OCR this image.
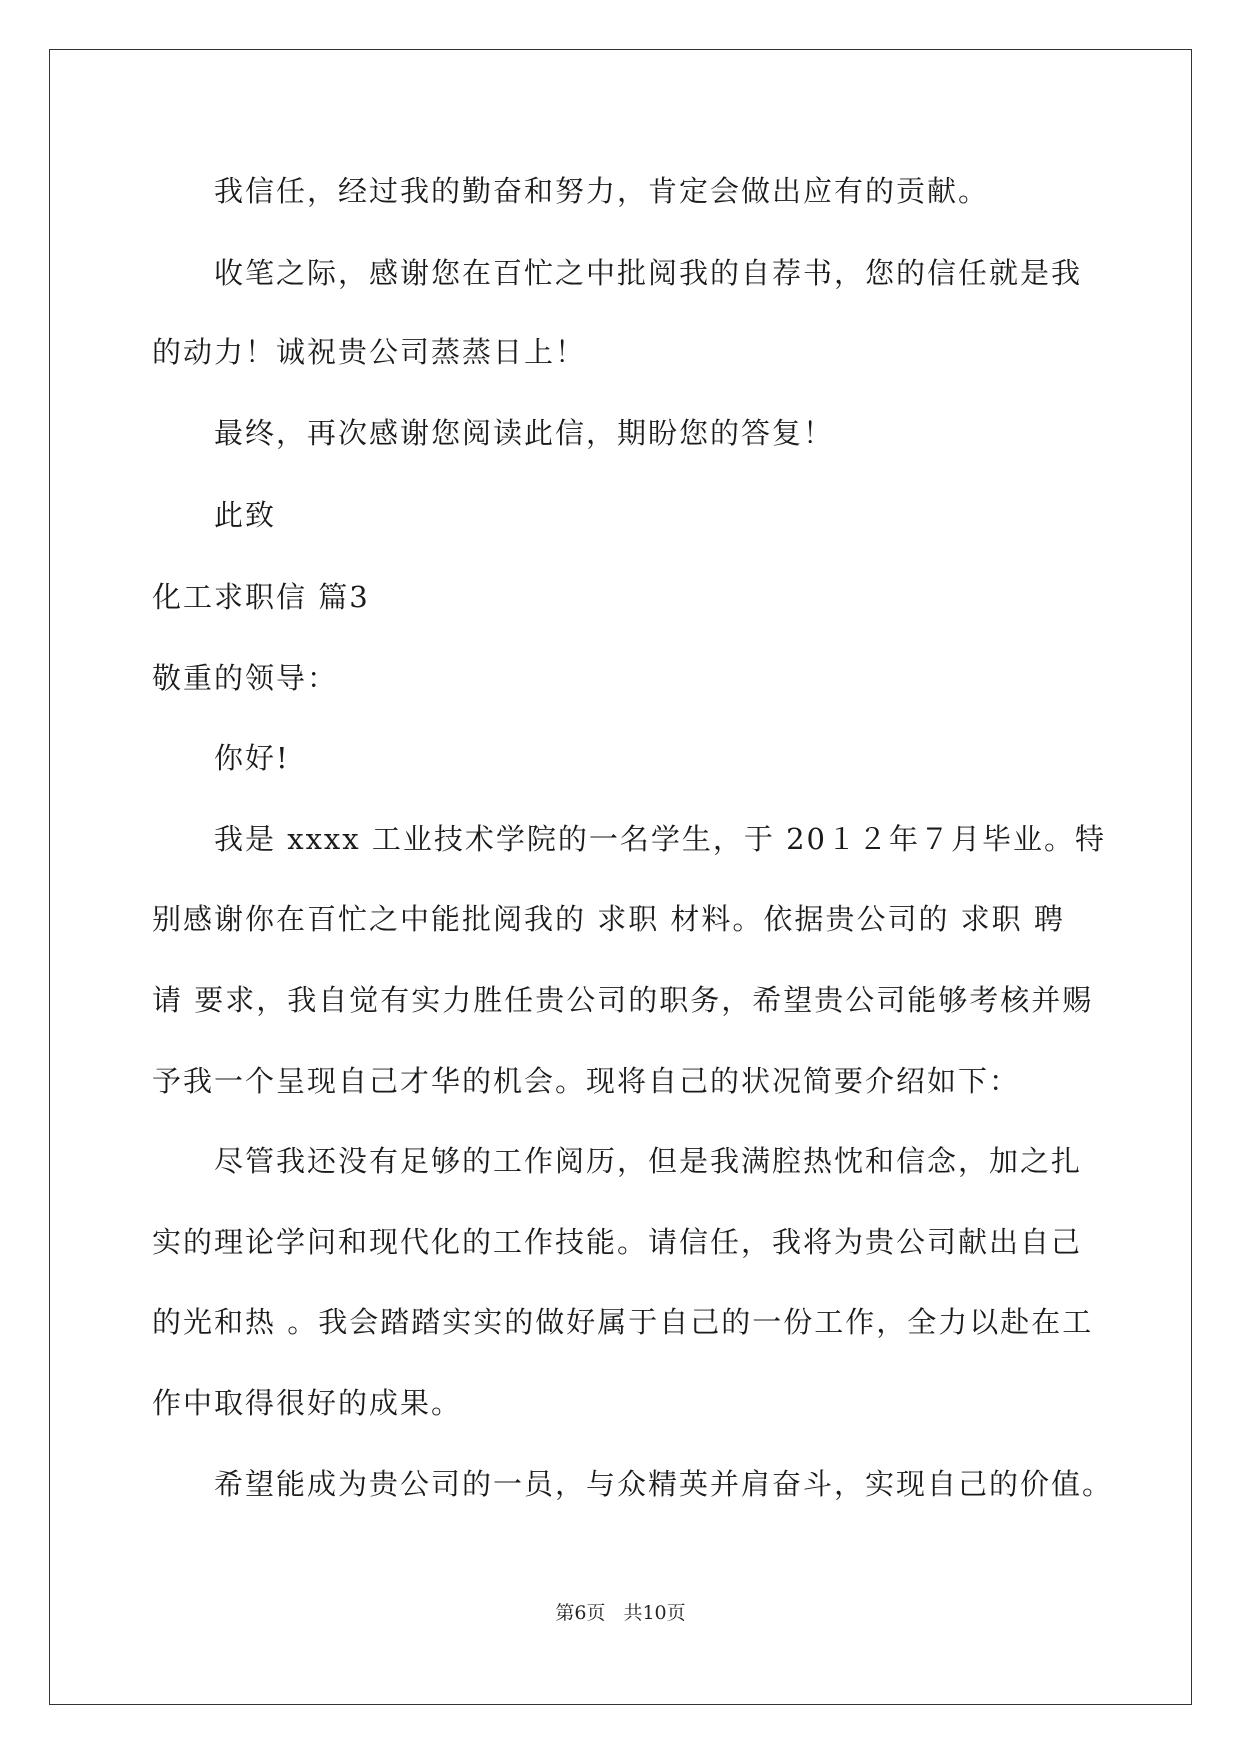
我信任，经过我的勤奋和努力，肯定会做出应有的贡献。
收笔之际，感谢您在百忙之中批阅我的自荐书，您的信任就是我
的动力！诚祝贵公司蒸蒸日上！
最终，再次感谢您阅读此信，期盼您的答复！
此致
化工求职信 篇3
敬重的领导：
你好!
我是 xxxx 工业技术学院的一名学生，于 20１２年７月毕业。特
别感谢你在百忙之中能批阅我的 求职 材料。依据贵公司的 求职 聘
请 要求，我自觉有实力胜任贵公司的职务，希望贵公司能够考核并赐
予我一个呈现自己才华的机会。现将自己的状况简要介绍如下：
尽管我还没有足够的工作阅历，但是我满腔热忱和信念，加之扎
实的理论学问和现代化的工作技能。请信任，我将为贵公司献出自己
的光和热 。我会踏踏实实的做好属于自己的一份工作，全力以赴在工
作中取得很好的成果。
希望能成为贵公司的一员，与众精英并肩奋斗，实现自己的价值。
第6页 共10页
